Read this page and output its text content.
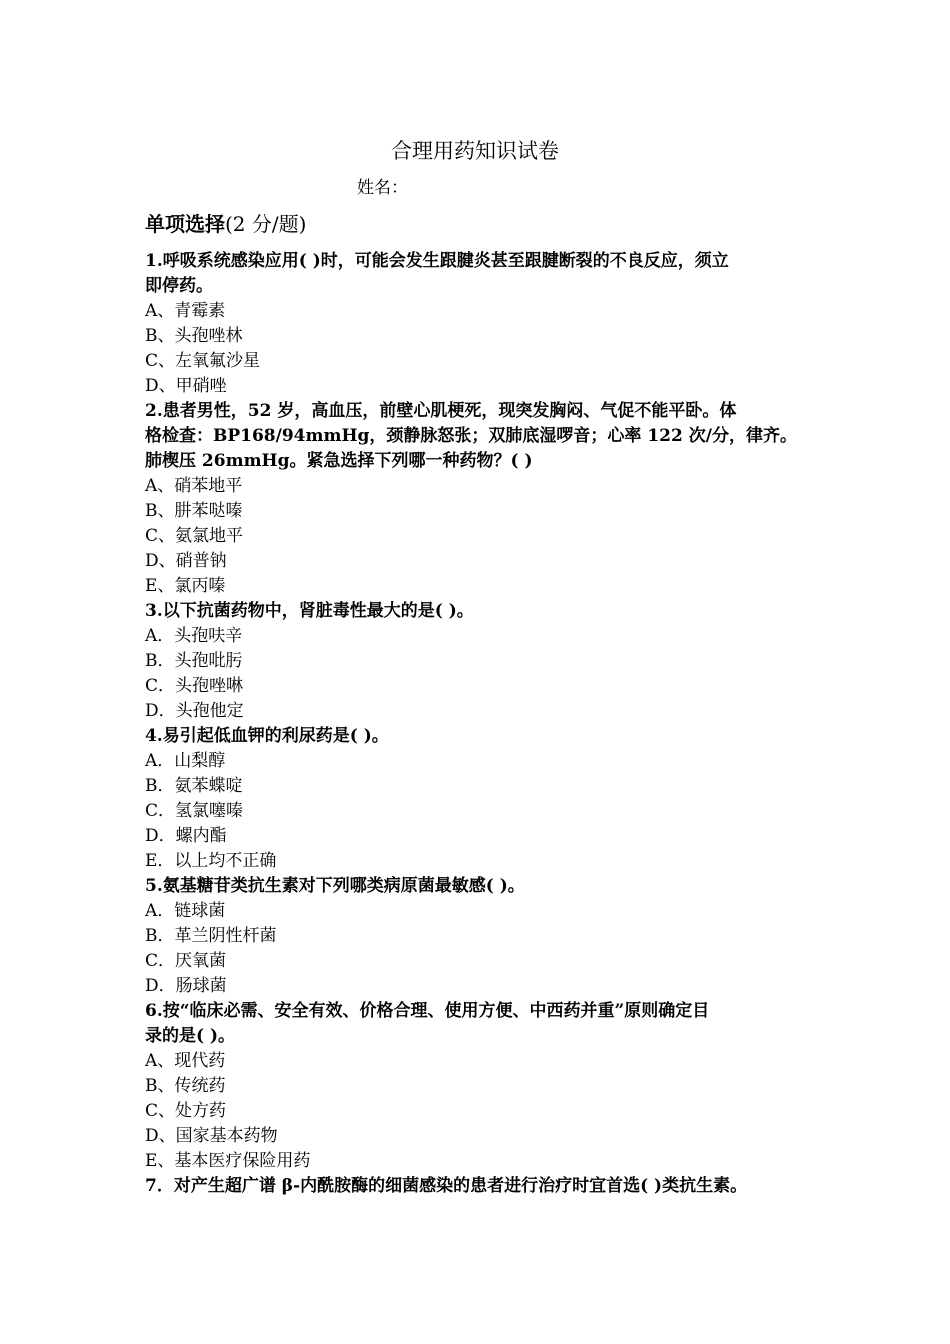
合理用药知识试卷
姓名：
单项选择(2 分/题)

1.呼吸系统感染应用( )时，可能会发生跟腱炎甚至跟腱断裂的不良反应，须立

即停药。

A、青霉素

B、头孢唑林

C、左氧氟沙星

D、甲硝唑

2.患者男性，52 岁，高血压，前壁心肌梗死，现突发胸闷、气促不能平卧。体

格检查：BP168/94mmHg，颈静脉怒张；双肺底湿啰音；心率 122 次/分，律齐。

肺楔压 26mmHg。紧急选择下列哪一种药物？( )

A、硝苯地平

B、肼苯哒嗪

C、氨氯地平

D、硝普钠

E、氯丙嗪

3.以下抗菌药物中，肾脏毒性最大的是( )。

A．头孢呋辛

B．头孢吡肟

C．头孢唑啉

D．头孢他定

4.易引起低血钾的利尿药是( )。

A．山梨醇

B．氨苯蝶啶

C．氢氯噻嗪

D．螺内酯

E．以上均不正确

5.氨基糖苷类抗生素对下列哪类病原菌最敏感( )。

A．链球菌

B．革兰阴性杆菌

C．厌氧菌

D．肠球菌

6.按“临床必需、安全有效、价格合理、使用方便、中西药并重”原则确定目

录的是( )。

A、现代药

B、传统药

C、处方药

D、国家基本药物

E、基本医疗保险用药

7．对产生超广谱 β-内酰胺酶的细菌感染的患者进行治疗时宜首选( )类抗生素。
